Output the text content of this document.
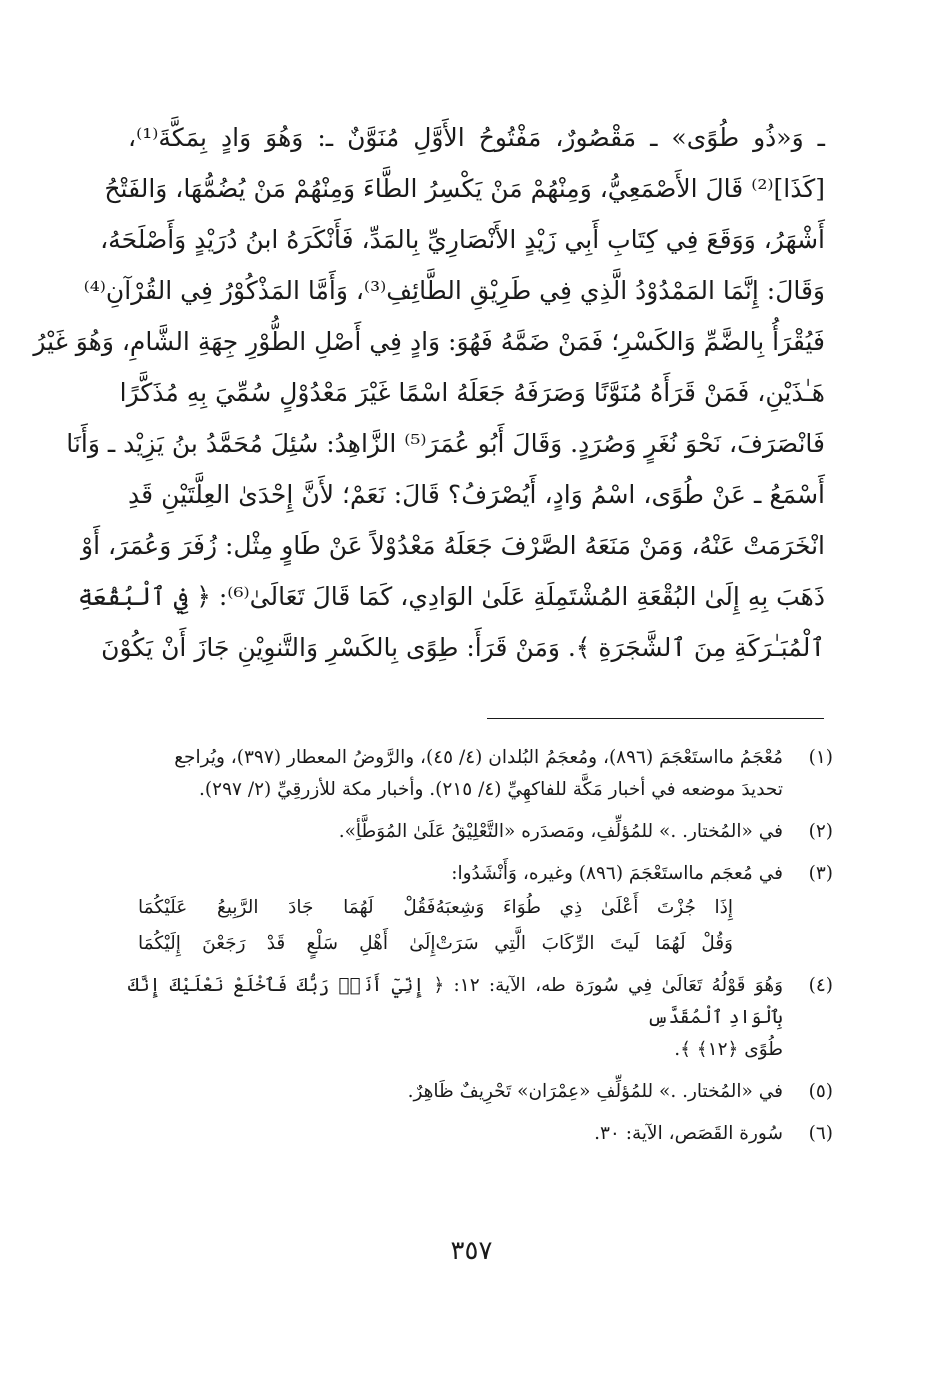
ـ وَ«ذُو طُوًى» ـ مَقْصُورٌ، مَفْتُوحُ الأَوَّلِ مُنَوَّنٌ ـ: وَهُوَ وَادٍ بِمَكَّةَ⁽¹⁾،
[كَذَا]⁽²⁾ قَالَ الأَصْمَعِيُّ، وَمِنْهُمْ مَنْ يَكْسِرُ الطَّاءَ وَمِنْهُمْ مَنْ يُضُمُّهَا، وَالفَتْحُ
أَشْهَرُ، وَوَقَعَ فِي كِتَابِ أَبِي زَيْدٍ الأَنْصَارِيِّ بِالمَدِّ، فَأَنْكَرَهُ ابنُ دُرَيْدٍ وَأَصْلَحَهُ،
وَقَالَ: إِنَّمَا المَمْدُوْدُ الَّذِي فِي طَرِيْقِ الطَّائِفِ⁽³⁾، وَأَمَّا المَذْكُوْرُ فِي القُرْآنِ⁽⁴⁾
فَيُقْرَأُ بِالضَّمِّ وَالكَسْرِ؛ فَمَنْ ضَمَّهُ فَهُوَ: وَادٍ فِي أَصْلِ الطُّوْرِ جِهَةِ الشَّامِ، وَهُوَ غَيْرُ
هَـٰذَيْنِ، فَمَنْ قَرَأَهُ مُنَوَّنًا وَصَرَفَهُ جَعَلَهُ اسْمًا غَيْرَ مَعْدُوْلٍ سُمِّيَ بِهِ مُذَكَّرًا
فَانْصَرَفَ، نَحْوَ نُغَرٍ وَصُرَدٍ. وَقَالَ أَبُو عُمَرَ⁽⁵⁾ الزَّاهِدُ: سُئِلَ مُحَمَّدُ بنُ يَزِيْد ـ وَأَنَا
أَسْمَعُ ـ عَنْ طُوًى، اسْمُ وَادٍ، أَيُصْرَفُ؟ قَالَ: نَعَمْ؛ لأَنَّ إِحْدَىٰ العِلَّتَيْنِ قَدِ
انْخَرَمَتْ عَنْهُ، وَمَنْ مَنَعَهُ الصَّرْفَ جَعَلَهُ مَعْدُوْلاً عَنْ طَاوٍ مِثْل: زُفَرَ وَعُمَرَ، أَوْ
ذَهَبَ بِهِ إِلَىٰ البُقْعَةِ المُشْتَمِلَةِ عَلَىٰ الوَادِي، كَمَا قَالَ تَعَالَىٰ⁽⁶⁾: ﴿ فِي ٱلْبُقْعَةِ
ٱلْمُبَـٰرَكَةِ مِنَ ٱلشَّجَرَةِ ﴾. وَمَنْ قَرَأَ: طِوًى بِالكَسْرِ وَالتَّنوِيْنِ جَازَ أَنْ يَكُوْنَ
(١)
مُعْجَمُ مااستَعْجَمَ (٨٩٦)، ومُعجَمُ البُلدان (٤/ ٤٥)، والرَّوضُ المعطار (٣٩٧)، ويُراجع
تحديدَ موضعه في أخبار مَكَّة للفاكهِيِّ (٤/ ٢١٥). وأخبار مكة للأزرقِيِّ (٢/ ٢٩٧).
(٢)
في «المُختار. .» للمُؤلِّفِ، ومَصدَره «التَّعْلِيْقُ عَلَىٰ المُوَطَّأِ».
(٣)
في مُعجَم مااستَعْجَمَ (٨٩٦) وغيره، وَأَنْشَدُوا:
إِذَا جُزْتَ أَعْلَىٰ ذِي طُوَاءَ وَشِعبَهُ
فَقُلْ لَهُمَا جَادَ الرَّبِيعُ عَلَيْكُمَا
وَقُلْ لَهُمَا لَيتَ الرِّكَابَ الَّتِي سَرَتْ
إِلَىٰ أَهْلِ سَلْعٍ قَدْ رَجَعْنَ إِلَيْكُمَا
(٤)
وَهُوَ قَوْلُهُ تَعَالَىٰ فِي سُورَة طه، الآية: ١٢: ﴿ إِنِّيٓ أَنَا۠ رَبُّكَ فَٱخْلَعْ نَعْلَيْكَ إِنَّكَ بِٱلْوَادِ ٱلْمُقَدَّسِ
طُوًى ﴿١٢﴾ ﴾.
(٥)
في «المُختار. .» للمُؤلِّفِ «عِمْرَان» تَحْرِيفٌ ظَاهِرٌ.
(٦)
سُورة القَصَص، الآية: ٣٠.
٣٥٧
